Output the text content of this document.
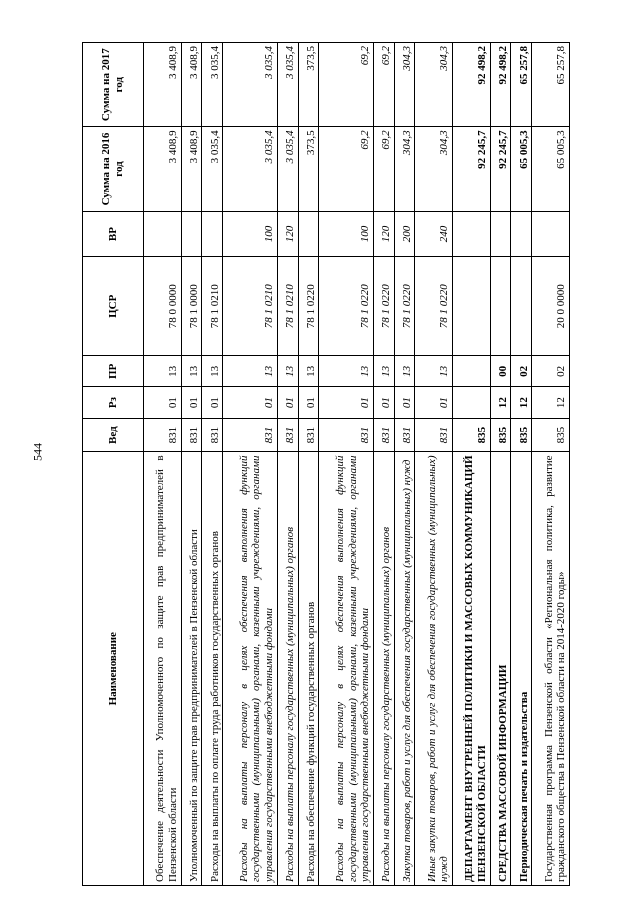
544
Наименование	Вед	Рз	ПР	ЦСР	ВР	Сумма на 2016 год	Сумма на 2017 год
Обеспечение деятельности Уполномоченного по защите прав предпринимателей в Пензенской области	831	01	13	78 0 0000		3 408,9	3 408,9
Уполномоченный по защите прав предпринимателей в Пензенской области	831	01	13	78 1 0000		3 408,9	3 408,9
Расходы на выплаты по оплате труда работников государственных органов	831	01	13	78 1 0210		3 035,4	3 035,4
Расходы на выплаты персоналу в целях обеспечения выполнения функций государственными (муниципальными) органами, казенными учреждениями, органами управления государственными внебюджетными фондами	831	01	13	78 1 0210	100	3 035,4	3 035,4
Расходы на выплаты персоналу государственных (муниципальных) органов	831	01	13	78 1 0210	120	3 035,4	3 035,4
Расходы на обеспечение функций государственных органов	831	01	13	78 1 0220		373,5	373,5
Расходы на выплаты персоналу в целях обеспечения выполнения функций государственными (муниципальными) органами, казенными учреждениями, органами управления государственными внебюджетными фондами	831	01	13	78 1 0220	100	69,2	69,2
Расходы на выплаты персоналу государственных (муниципальных) органов	831	01	13	78 1 0220	120	69,2	69,2
Закупка товаров, работ и услуг для обеспечения государственных (муниципальных) нужд	831	01	13	78 1 0220	200	304,3	304,3
Иные закупки товаров, работ и услуг для обеспечения государственных (муниципальных) нужд	831	01	13	78 1 0220	240	304,3	304,3
ДЕПАРТАМЕНТ ВНУТРЕННЕЙ ПОЛИТИКИ И МАССОВЫХ КОММУНИКАЦИЙ ПЕНЗЕНСКОЙ ОБЛАСТИ	835					92 245,7	92 498,2
СРЕДСТВА МАССОВОЙ ИНФОРМАЦИИ	835	12	00			92 245,7	92 498,2
Периодическая печать и издательства	835	12	02			65 005,3	65 257,8
Государственная программа Пензенской области «Региональная политика, развитие гражданского общества в Пензенской области на 2014-2020 годы»	835	12	02	20 0 0000		65 005,3	65 257,8
